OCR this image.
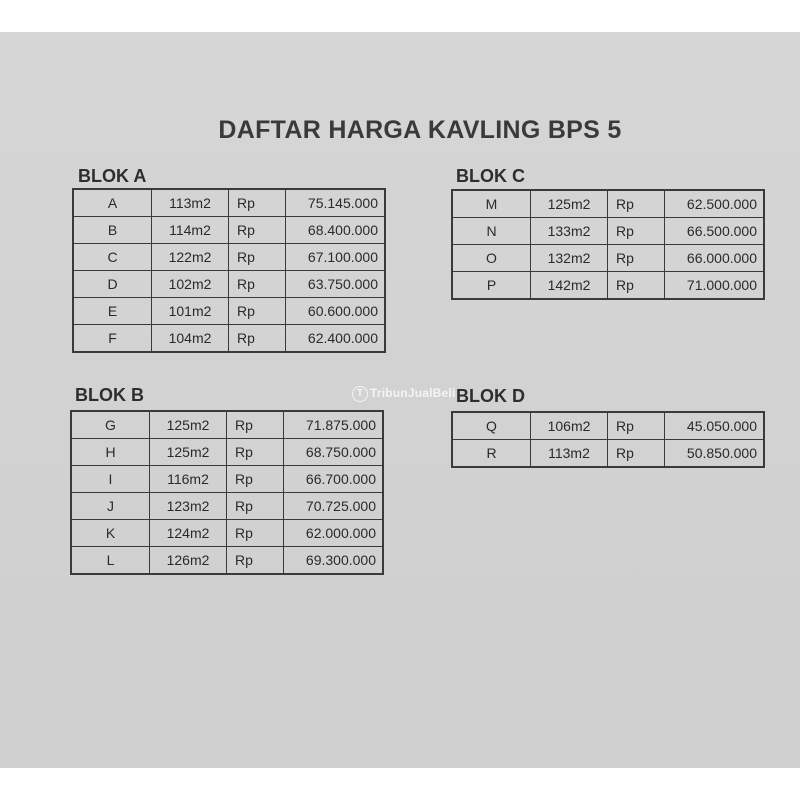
DAFTAR HARGA KAVLING BPS 5
BLOK A
A	113m2	Rp	75.145.000
B	114m2	Rp	68.400.000
C	122m2	Rp	67.100.000
D	102m2	Rp	63.750.000
E	101m2	Rp	60.600.000
F	104m2	Rp	62.400.000
BLOK B
G	125m2	Rp	71.875.000
H	125m2	Rp	68.750.000
I	116m2	Rp	66.700.000
J	123m2	Rp	70.725.000
K	124m2	Rp	62.000.000
L	126m2	Rp	69.300.000
BLOK C
M	125m2	Rp	62.500.000
N	133m2	Rp	66.500.000
O	132m2	Rp	66.000.000
P	142m2	Rp	71.000.000
BLOK D
Q	106m2	Rp	45.050.000
R	113m2	Rp	50.850.000
T TribunJualBeli
